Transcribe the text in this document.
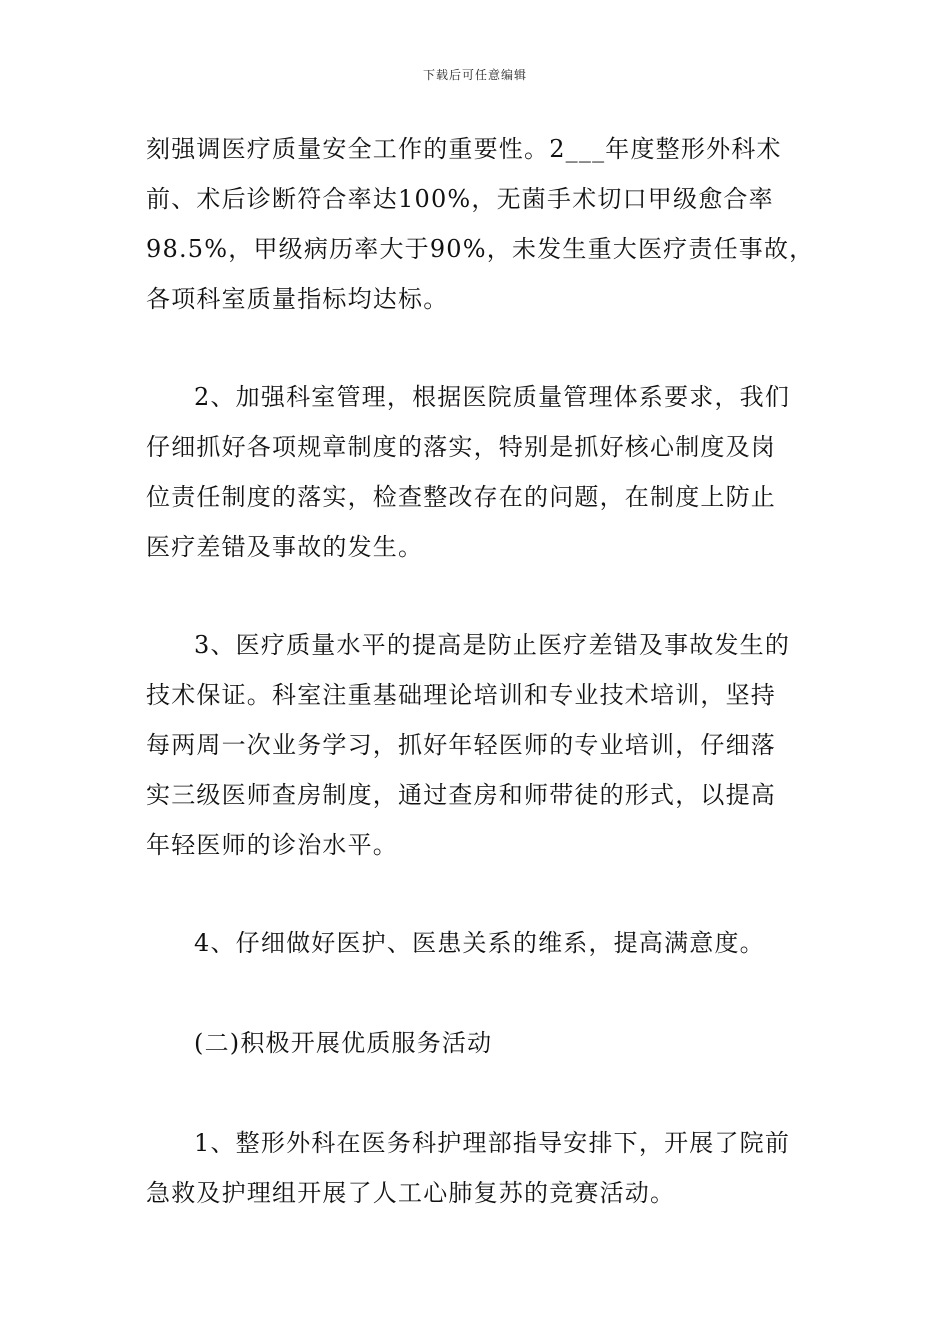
下载后可任意编辑
刻强调医疗质量安全工作的重要性。2___年度整形外科术
前、术后诊断符合率达100%，无菌手术切口甲级愈合率
98.5%，甲级病历率大于90%，未发生重大医疗责任事故，
各项科室质量指标均达标。
2、加强科室管理，根据医院质量管理体系要求，我们
仔细抓好各项规章制度的落实，特别是抓好核心制度及岗
位责任制度的落实，检查整改存在的问题，在制度上防止
医疗差错及事故的发生。
3、医疗质量水平的提高是防止医疗差错及事故发生的
技术保证。科室注重基础理论培训和专业技术培训，坚持
每两周一次业务学习，抓好年轻医师的专业培训，仔细落
实三级医师查房制度，通过查房和师带徒的形式，以提高
年轻医师的诊治水平。
4、仔细做好医护、医患关系的维系，提高满意度。
(二)积极开展优质服务活动
1、整形外科在医务科护理部指导安排下，开展了院前
急救及护理组开展了人工心肺复苏的竞赛活动。
